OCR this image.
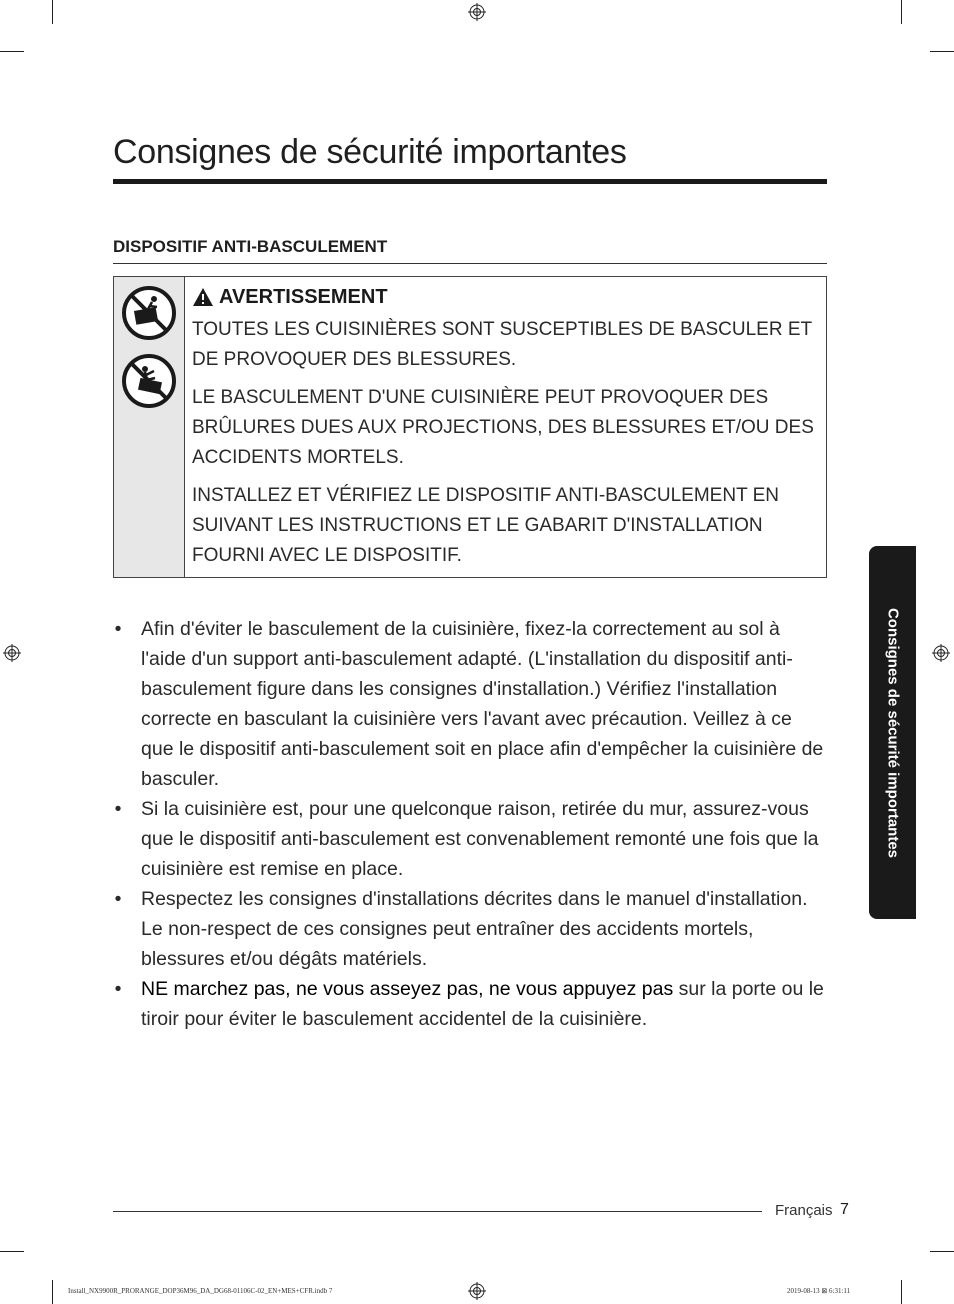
Consignes de sécurité importantes
DISPOSITIF ANTI-BASCULEMENT
AVERTISSEMENT

TOUTES LES CUISINIÈRES SONT SUSCEPTIBLES DE BASCULER ET DE PROVOQUER DES BLESSURES.

LE BASCULEMENT D'UNE CUISINIÈRE PEUT PROVOQUER DES BRÛLURES DUES AUX PROJECTIONS, DES BLESSURES ET/OU DES ACCIDENTS MORTELS.

INSTALLEZ ET VÉRIFIEZ LE DISPOSITIF ANTI-BASCULEMENT EN SUIVANT LES INSTRUCTIONS ET LE GABARIT D'INSTALLATION FOURNI AVEC LE DISPOSITIF.

• Afin d'éviter le basculement de la cuisinière, fixez-la correctement au sol à l'aide d'un support anti-basculement adapté. (L'installation du dispositif anti-basculement figure dans les consignes d'installation.) Vérifiez l'installation correcte en basculant la cuisinière vers l'avant avec précaution. Veillez à ce que le dispositif anti-basculement soit en place afin d'empêcher la cuisinière de basculer.
• Si la cuisinière est, pour une quelconque raison, retirée du mur, assurez-vous que le dispositif anti-basculement est convenablement remonté une fois que la cuisinière est remise en place.
• Respectez les consignes d'installations décrites dans le manuel d'installation. Le non-respect de ces consignes peut entraîner des accidents mortels, blessures et/ou dégâts matériels.
• NE marchez pas, ne vous asseyez pas, ne vous appuyez pas sur la porte ou le tiroir pour éviter le basculement accidentel de la cuisinière.
Consignes de sécurité importantes
Français 7
Install_NX9900R_PRORANGE_DOP36M96_DA_DG68-01106C-02_EN+MES+CFR.indb 7	2019-08-13 ⊠ 6:31:11
